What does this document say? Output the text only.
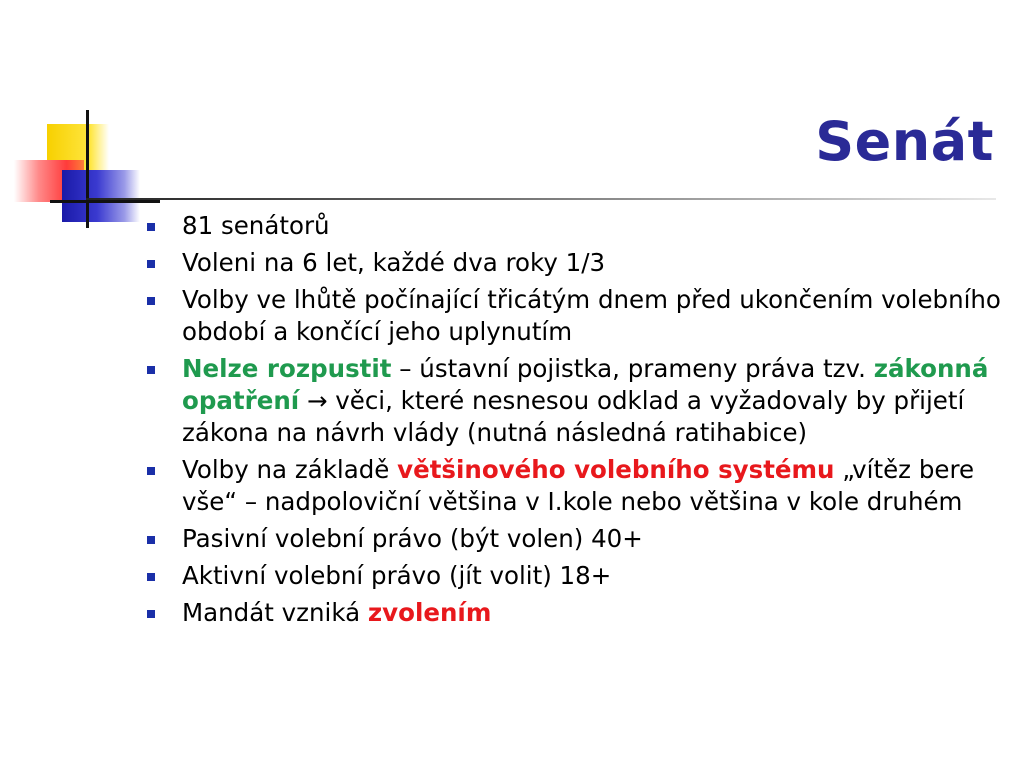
Senát
81 senátorů
Voleni na 6 let, každé dva roky 1/3
Volby ve lhůtě počínající třicátým dnem před ukončením volebního období a končící jeho uplynutím
Nelze rozpustit – ústavní pojistka, prameny práva tzv. zákonná opatření → věci, které nesnesou odklad a vyžadovaly by přijetí zákona na návrh vlády (nutná následná ratihabice)
Volby na základě většinového volebního systému „vítěz bere vše“ – nadpoloviční většina v I.kole nebo většina v kole druhém
Pasivní volební právo (být volen) 40+
Aktivní volební právo (jít volit) 18+
Mandát vzniká zvolením
